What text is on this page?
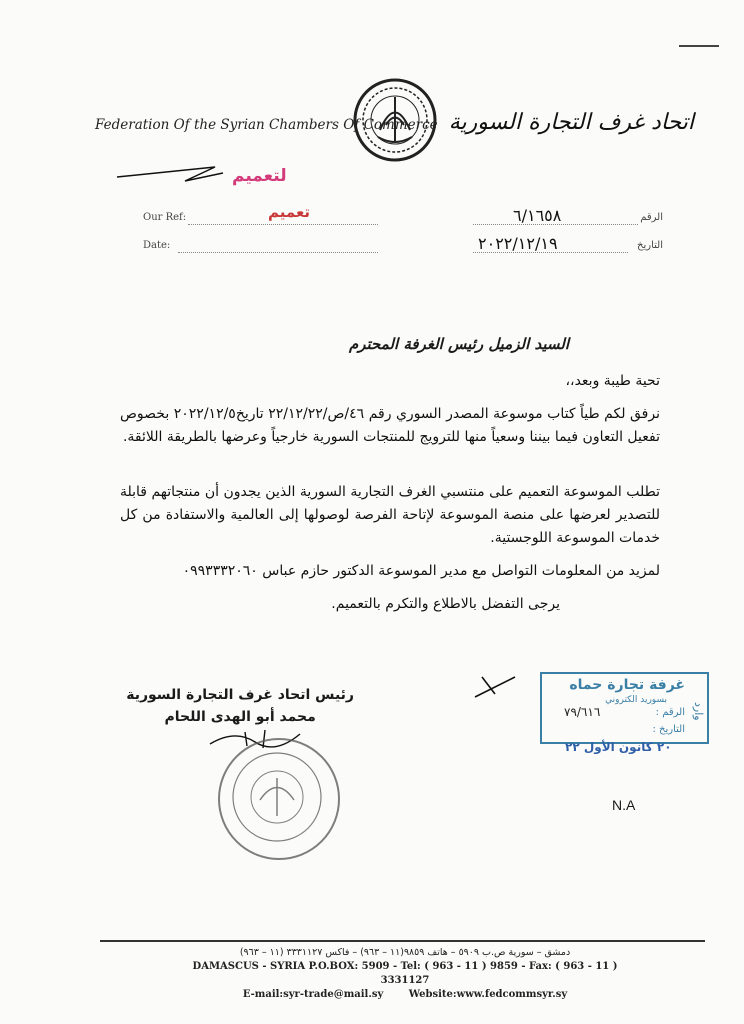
Federation Of the Syrian Chambers Of Commerce اتحاد غرف التجارة السورية
لتعميم
تعميم
Our Ref:	٦/١٦٥٨	الرقم
Date:	٢٠٢٢/١٢/١٩	التاريخ
السيد الزميل رئيس الغرفة المحترم
تحية طيبة وبعد،،
نرفق لكم طياً كتاب موسوعة المصدر السوري رقم ٤٦/ص/٢٢/١٢/٢٢ تاريخ٢٠٢٢/١٢/٥ بخصوص تفعيل التعاون فيما بيننا وسعياً منها للترويج للمنتجات السورية خارجياً وعرضها بالطريقة اللائقة.
تطلب الموسوعة التعميم على منتسبي الغرف التجارية السورية الذين يجدون أن منتجاتهم قابلة للتصدير لعرضها على منصة الموسوعة لإتاحة الفرصة لوصولها إلى العالمية والاستفادة من كل خدمات الموسوعة اللوجستية.
لمزيد من المعلومات التواصل مع مدير الموسوعة الدكتور حازم عباس ٠٩٩٣٣٣٢٠٦٠
يرجى التفضل بالاطلاع والتكرم بالتعميم.
رئيس اتحاد غرف التجارة السورية
محمد أبو الهدى اللحام
غرفة تجارة حماه
بسوريد الكتروني
وارد
الرقم :
٧٩/٦١٦
التاريخ :
٢٠ كانون الأول ٢٢
N.A
دمشق – سورية ص.ب ٥٩٠٩ – هاتف ٩٨٥٩(١١ – ٩٦٣) – فاكس ٣٣٣١١٢٧ (١١ – ٩٦٣)
DAMASCUS - SYRIA P.O.BOX: 5909 - Tel: ( 963 - 11 ) 9859 - Fax: ( 963 - 11 ) 3331127
E-mail:syr-trade@mail.sy	Website:www.fedcommsyr.sy
